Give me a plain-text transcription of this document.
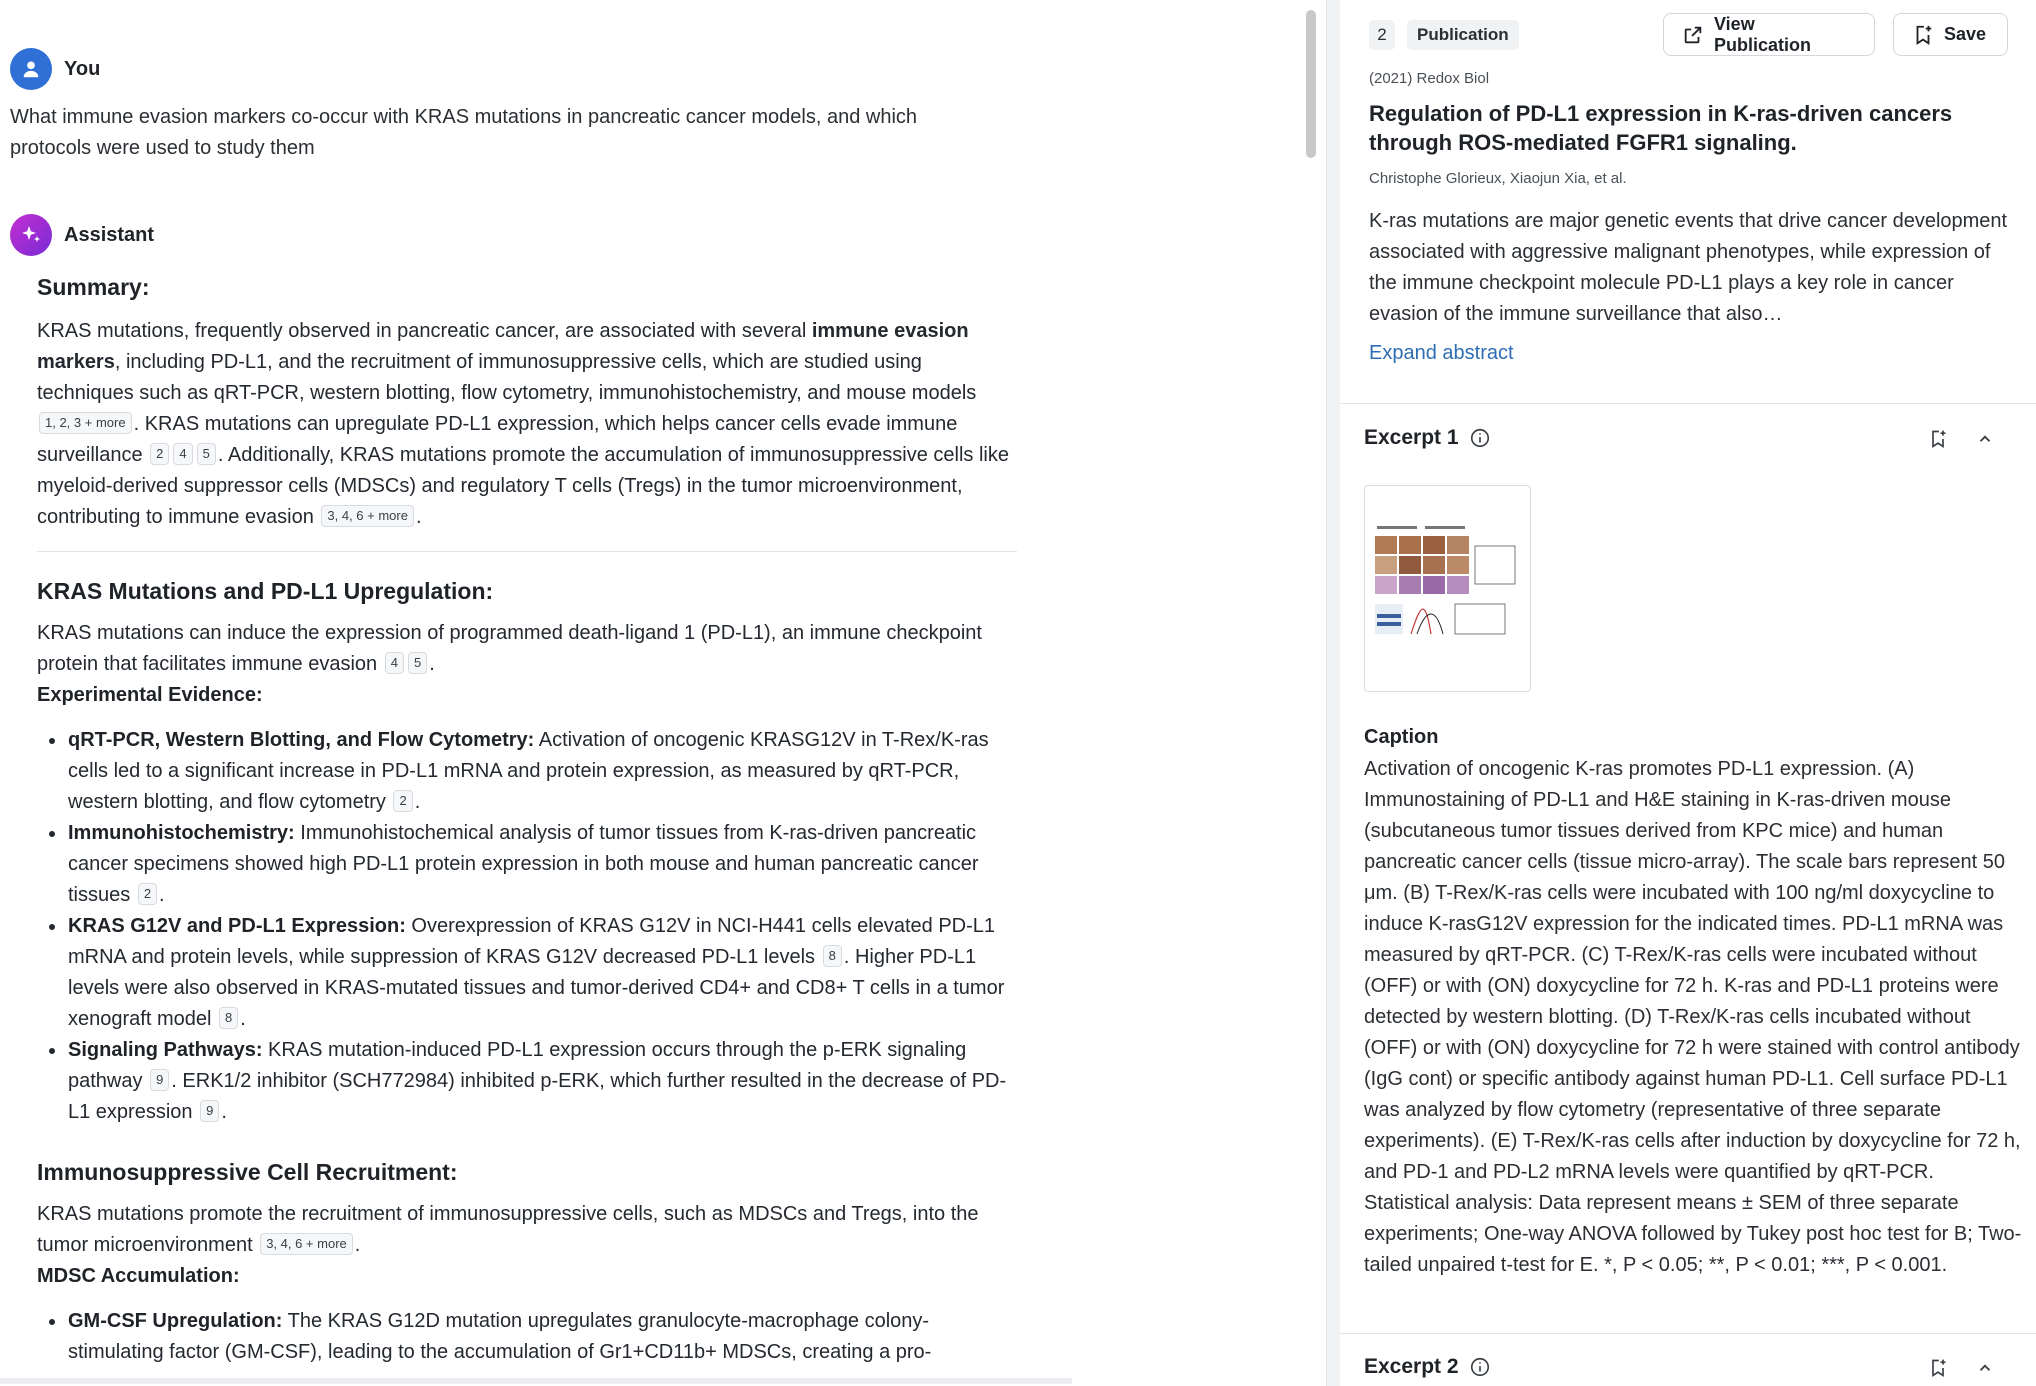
You
What immune evasion markers co-occur with KRAS mutations in pancreatic cancer models, and which protocols were used to study them
Assistant
Summary:

KRAS mutations, frequently observed in pancreatic cancer, are associated with several immune evasion markers, including PD-L1, and the recruitment of immunosuppressive cells, which are studied using techniques such as qRT-PCR, western blotting, flow cytometry, immunohistochemistry, and mouse models 1, 2, 3 + more . KRAS mutations can upregulate PD-L1 expression, which helps cancer cells evade immune surveillance 2 4 5 . Additionally, KRAS mutations promote the accumulation of immunosuppressive cells like myeloid-derived suppressor cells (MDSCs) and regulatory T cells (Tregs) in the tumor microenvironment, contributing to immune evasion 3, 4, 6 + more .

KRAS Mutations and PD-L1 Upregulation:

KRAS mutations can induce the expression of programmed death-ligand 1 (PD-L1), an immune checkpoint protein that facilitates immune evasion 4 5 .

Experimental Evidence:
qRT-PCR, Western Blotting, and Flow Cytometry: Activation of oncogenic KRASG12V in T-Rex/K-ras cells led to a significant increase in PD-L1 mRNA and protein expression, as measured by qRT-PCR, western blotting, and flow cytometry 2 .
Immunohistochemistry: Immunohistochemical analysis of tumor tissues from K-ras-driven pancreatic cancer specimens showed high PD-L1 protein expression in both mouse and human pancreatic cancer tissues 2 .
KRAS G12V and PD-L1 Expression: Overexpression of KRAS G12V in NCI-H441 cells elevated PD-L1 mRNA and protein levels, while suppression of KRAS G12V decreased PD-L1 levels 8 . Higher PD-L1 levels were also observed in KRAS-mutated tissues and tumor-derived CD4+ and CD8+ T cells in a tumor xenograft model 8 .
Signaling Pathways: KRAS mutation-induced PD-L1 expression occurs through the p-ERK signaling pathway 9 . ERK1/2 inhibitor (SCH772984) inhibited p-ERK, which further resulted in the decrease of PD-L1 expression 9 .
Immunosuppressive Cell Recruitment:

KRAS mutations promote the recruitment of immunosuppressive cells, such as MDSCs and Tregs, into the tumor microenvironment 3, 4, 6 + more .

MDSC Accumulation:
GM-CSF Upregulation: The KRAS G12D mutation upregulates granulocyte-macrophage colony-stimulating factor (GM-CSF), leading to the accumulation of Gr1+CD11b+ MDSCs, creating a pro-
2	Publication
View Publication
Save
(2021) Redox Biol
Regulation of PD-L1 expression in K-ras-driven cancers through ROS-mediated FGFR1 signaling.
Christophe Glorieux, Xiaojun Xia, et al.
K-ras mutations are major genetic events that drive cancer development associated with aggressive malignant phenotypes, while expression of the immune checkpoint molecule PD-L1 plays a key role in cancer evasion of the immune surveillance that also…
Expand abstract
Excerpt 1
Caption
Activation of oncogenic K-ras promotes PD-L1 expression. (A) Immunostaining of PD-L1 and H&E staining in K-ras-driven mouse (subcutaneous tumor tissues derived from KPC mice) and human pancreatic cancer cells (tissue micro-array). The scale bars represent 50 μm. (B) T-Rex/K-ras cells were incubated with 100 ng/ml doxycycline to induce K-rasG12V expression for the indicated times. PD-L1 mRNA was measured by qRT-PCR. (C) T-Rex/K-ras cells were incubated without (OFF) or with (ON) doxycycline for 72 h. K-ras and PD-L1 proteins were detected by western blotting. (D) T-Rex/K-ras cells incubated without (OFF) or with (ON) doxycycline for 72 h were stained with control antibody (IgG cont) or specific antibody against human PD-L1. Cell surface PD-L1 was analyzed by flow cytometry (representative of three separate experiments). (E) T-Rex/K-ras cells after induction by doxycycline for 72 h, and PD-1 and PD-L2 mRNA levels were quantified by qRT-PCR. Statistical analysis: Data represent means ± SEM of three separate experiments; One-way ANOVA followed by Tukey post hoc test for B; Two-tailed unpaired t-test for E. *, P < 0.05; **, P < 0.01; ***, P < 0.001.
Excerpt 2
